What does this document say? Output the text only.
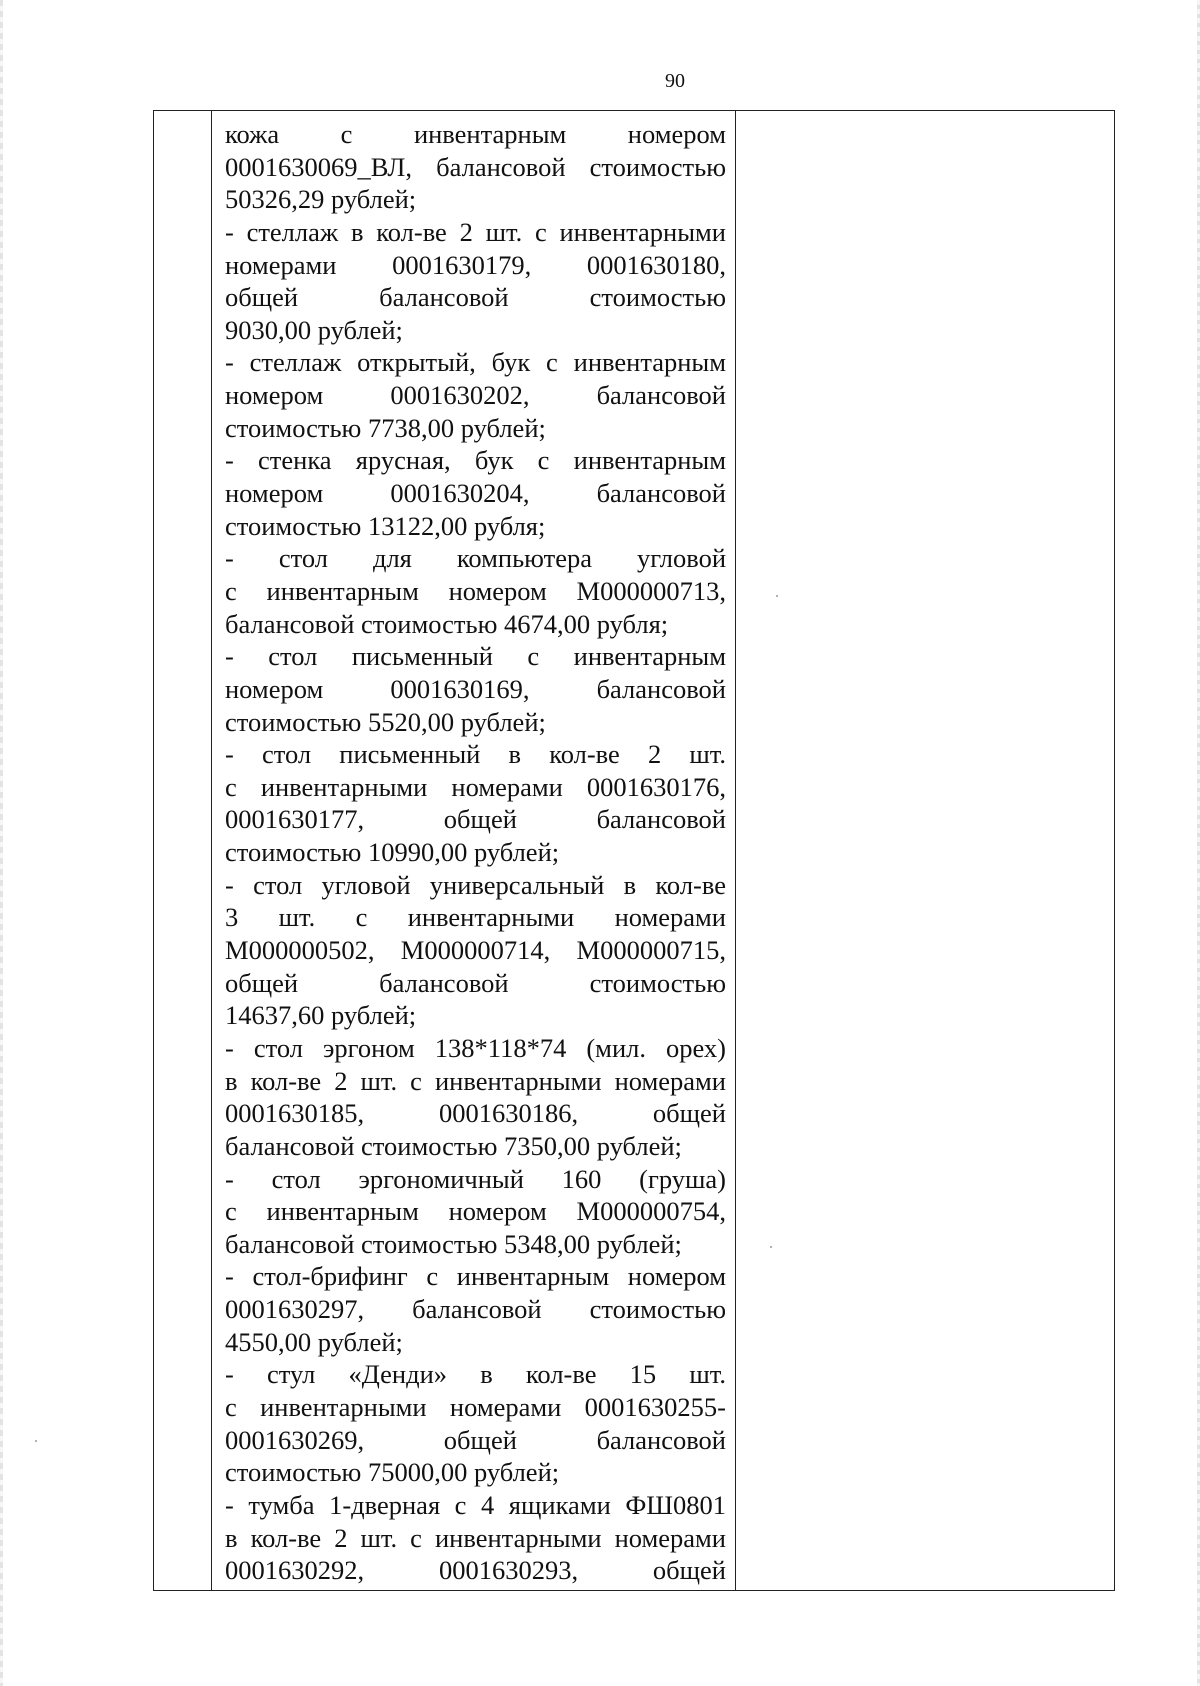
90
кожа с инвентарным номером
0001630069_ВЛ, балансовой стоимостью
50326,29 рублей;
- стеллаж в кол-ве 2 шт. с инвентарными
номерами 0001630179, 0001630180,
общей балансовой стоимостью
9030,00 рублей;
- стеллаж открытый, бук с инвентарным
номером 0001630202, балансовой
стоимостью 7738,00 рублей;
- стенка ярусная, бук с инвентарным
номером 0001630204, балансовой
стоимостью 13122,00 рубля;
- стол для компьютера угловой
с инвентарным номером М000000713,
балансовой стоимостью 4674,00 рубля;
- стол письменный с инвентарным
номером 0001630169, балансовой
стоимостью 5520,00 рублей;
- стол письменный в кол-ве 2 шт.
с инвентарными номерами 0001630176,
0001630177, общей балансовой
стоимостью 10990,00 рублей;
- стол угловой универсальный в кол-ве
3 шт. с инвентарными номерами
М000000502, М000000714, М000000715,
общей балансовой стоимостью
14637,60 рублей;
- стол эргоном 138*118*74 (мил. орех)
в кол-ве 2 шт. с инвентарными номерами
0001630185, 0001630186, общей
балансовой стоимостью 7350,00 рублей;
- стол эргономичный 160 (груша)
с инвентарным номером М000000754,
балансовой стоимостью 5348,00 рублей;
- стол-брифинг с инвентарным номером
0001630297, балансовой стоимостью
4550,00 рублей;
- стул «Денди» в кол-ве 15 шт.
с инвентарными номерами 0001630255-
0001630269, общей балансовой
стоимостью 75000,00 рублей;
- тумба 1-дверная с 4 ящиками ФШ0801
в кол-ве 2 шт. с инвентарными номерами
0001630292, 0001630293, общей
